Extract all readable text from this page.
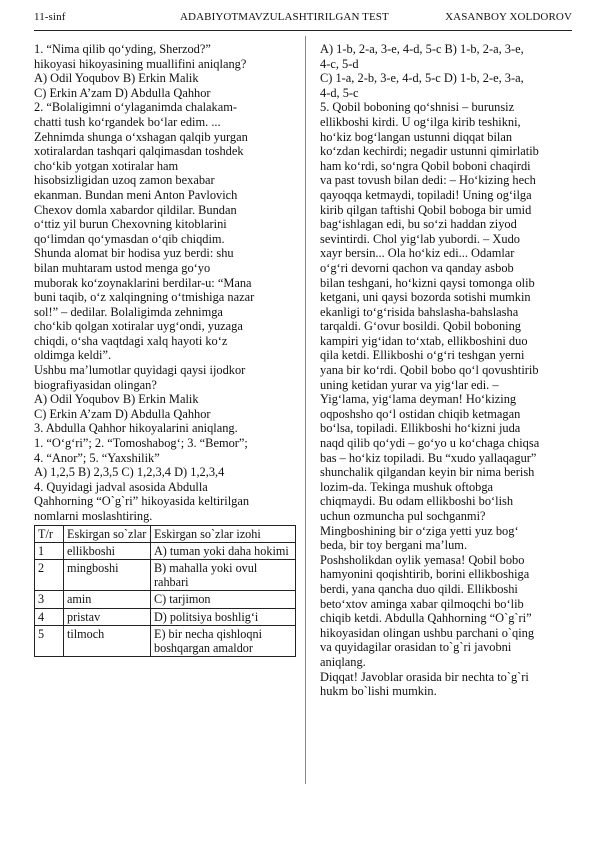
11-sinf	ADABIYOTMAVZULASHTIRILGAN TEST	XASANBOY XOLDOROV

1. “Nima qilib qo‘yding, Sherzod?”

hikoyasi hikoyasining muallifini aniqlang?

A) Odil Yoqubov B) Erkin Malik

C) Erkin A’zam D) Abdulla Qahhor

2. “Bolaligimni o‘ylaganimda chalakam-

chatti tush ko‘rgandek bo‘lar edim. ...

Zehnimda shunga o‘xshagan qalqib yurgan

xotiralardan tashqari qalqimasdan toshdek

cho‘kib yotgan xotiralar ham

hisobsizligidan uzoq zamon bexabar

ekanman. Bundan meni Anton Pavlovich

Chexov domla xabardor qildilar. Bundan

o‘ttiz yil burun Chexovning kitoblarini

qo‘limdan qo‘ymasdan o‘qib chiqdim.

Shunda alomat bir hodisa yuz berdi: shu

bilan muhtaram ustod menga go‘yo

muborak ko‘zoynaklarini berdilar-u: “Mana

buni taqib, o‘z xalqingning o‘tmishiga nazar

sol!” – dedilar. Bolaligimda zehnimga

cho‘kib qolgan xotiralar uyg‘ondi, yuzaga

chiqdi, o‘sha vaqtdagi xalq hayoti ko‘z

oldimga keldi”.

Ushbu ma’lumotlar quyidagi qaysi ijodkor

biografiyasidan olingan?

A) Odil Yoqubov B) Erkin Malik

C) Erkin A’zam D) Abdulla Qahhor

3. Abdulla Qahhor hikoyalarini aniqlang.

1. “O‘g‘ri”; 2. “Tomoshabog‘; 3. “Bemor”;

4. “Anor”; 5. “Yaxshilik”

A) 1,2,5 B) 2,3,5 C) 1,2,3,4 D) 1,2,3,4

4. Quyidagi jadval asosida Abdulla

Qahhorning “O`g`ri” hikoyasida keltirilgan

nomlarni moslashtiring.

T/r	Eskirgan so`zlar	Eskirgan so`zlar izohi
1	ellikboshi	A) tuman yoki daha hokimi
2	mingboshi	B) mahalla yoki ovul rahbari
3	amin	C) tarjimon
4	pristav	D) politsiya boshlig‘i
5	tilmoch	E) bir necha qishloqni boshqargan amaldor

A) 1-b, 2-a, 3-e, 4-d, 5-c B) 1-b, 2-a, 3-e,

4-c, 5-d

C) 1-a, 2-b, 3-e, 4-d, 5-c D) 1-b, 2-e, 3-a,

4-d, 5-c

5. Qobil boboning qo‘shnisi – burunsiz

ellikboshi kirdi. U og‘ilga kirib teshikni,

ho‘kiz bog‘langan ustunni diqqat bilan

ko‘zdan kechirdi; negadir ustunni qimirlatib

ham ko‘rdi, so‘ngra Qobil boboni chaqirdi

va past tovush bilan dedi: – Ho‘kizing hech

qayoqqa ketmaydi, topiladi! Uning og‘ilga

kirib qilgan taftishi Qobil boboga bir umid

bag‘ishlagan edi, bu so‘zi haddan ziyod

sevintirdi. Chol yig‘lab yubordi. – Xudo

xayr bersin... Ola ho‘kiz edi... Odamlar

o‘g‘ri devorni qachon va qanday asbob

bilan teshgani, ho‘kizni qaysi tomonga olib

ketgani, uni qaysi bozorda sotishi mumkin

ekanligi to‘g‘risida bahslasha-bahslasha

tarqaldi. G‘ovur bosildi. Qobil boboning

kampiri yig‘idan to‘xtab, ellikboshini duo

qila ketdi. Ellikboshi o‘g‘ri teshgan yerni

yana bir ko‘rdi. Qobil bobo qo‘l qovushtirib

uning ketidan yurar va yig‘lar edi. –

Yig‘lama, yig‘lama deyman! Ho‘kizing

oqposhsho qo‘l ostidan chiqib ketmagan

bo‘lsa, topiladi. Ellikboshi ho‘kizni juda

naqd qilib qo‘ydi – go‘yo u ko‘chaga chiqsa

bas – ho‘kiz topiladi. Bu “xudo yallaqagur”

shunchalik qilgandan keyin bir nima berish

lozim-da. Tekinga mushuk oftobga

chiqmaydi. Bu odam ellikboshi bo‘lish

uchun ozmuncha pul sochganmi?

Mingboshining bir o‘ziga yetti yuz bog‘

beda, bir toy bergani ma’lum.

Poshsholikdan oylik yemasa! Qobil bobo

hamyonini qoqishtirib, borini ellikboshiga

berdi, yana qancha duo qildi. Ellikboshi

beto‘xtov aminga xabar qilmoqchi bo‘lib

chiqib ketdi. Abdulla Qahhorning “O`g`ri”

hikoyasidan olingan ushbu parchani o`qing

va quyidagilar orasidan to`g`ri javobni

aniqlang.

Diqqat! Javoblar orasida bir nechta to`g`ri

hukm bo`lishi mumkin.
